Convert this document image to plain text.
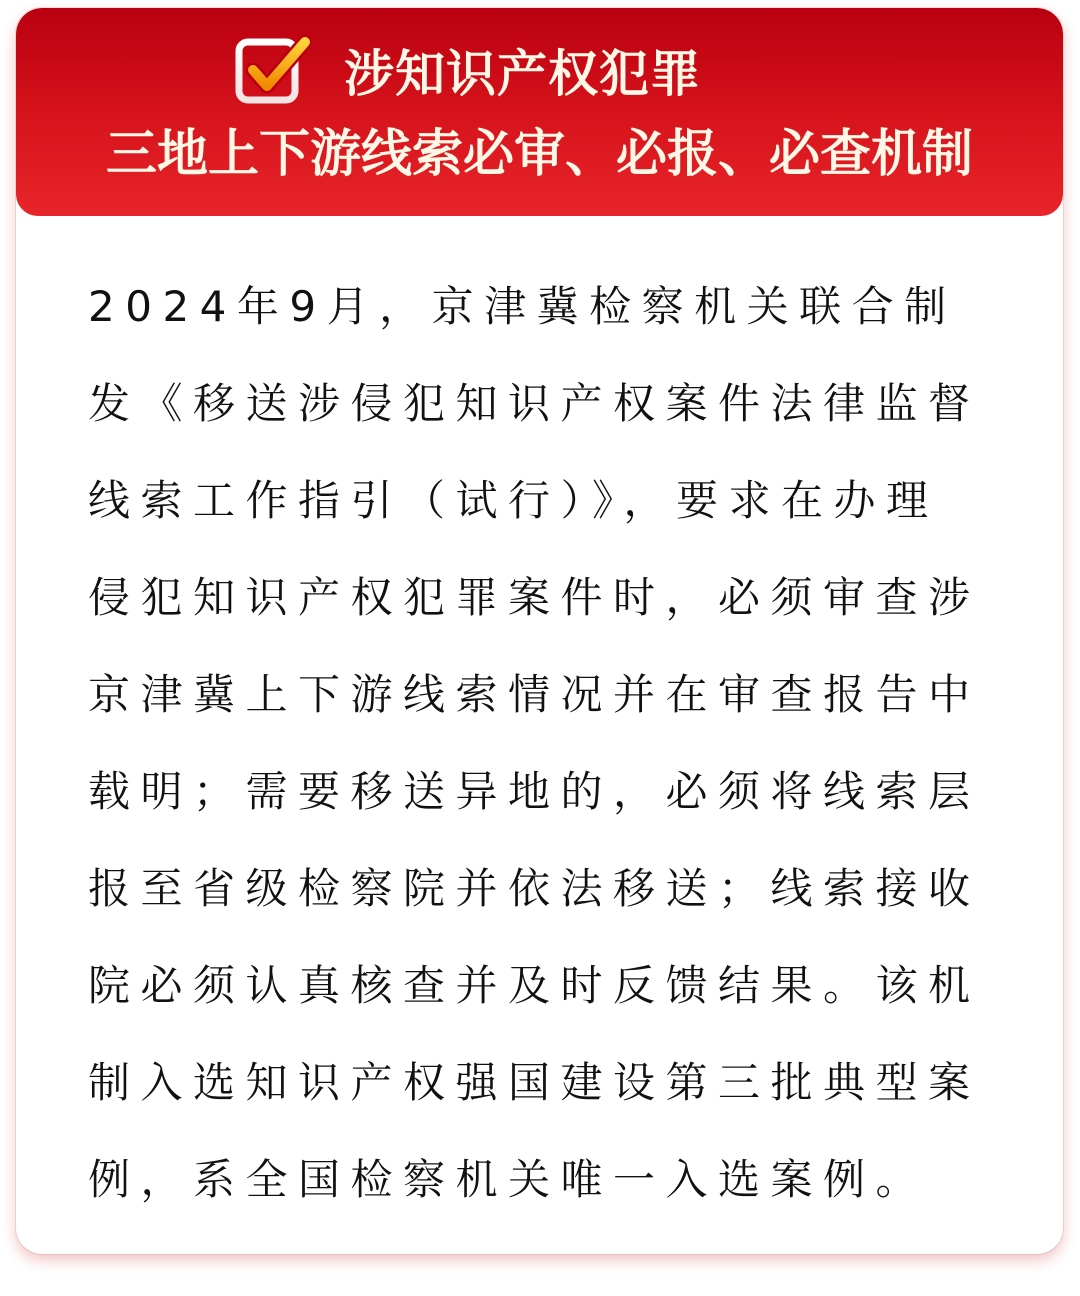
涉知识产权犯罪
三地上下游线索必审、必报、必查机制

2024年9月，京津冀检察机关联合制
发《移送涉侵犯知识产权案件法律监督
线索工作指引（试行）》，要求在办理
侵犯知识产权犯罪案件时，必须审查涉
京津冀上下游线索情况并在审查报告中
载明；需要移送异地的，必须将线索层
报至省级检察院并依法移送；线索接收
院必须认真核查并及时反馈结果。该机
制入选知识产权强国建设第三批典型案
例，系全国检察机关唯一入选案例。
